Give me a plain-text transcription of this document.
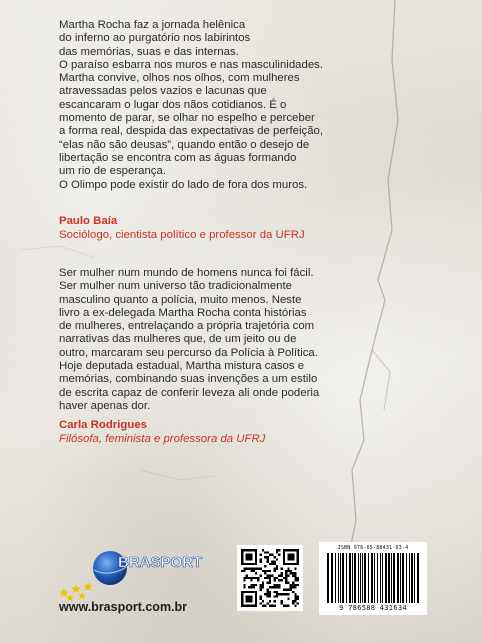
Martha Rocha faz a jornada helênica

do inferno ao purgatório nos labirintos

das memórias, suas e das internas.

O paraíso esbarra nos muros e nas masculinidades.

Martha convive, olhos nos olhos, com mulheres

atravessadas pelos vazios e lacunas que

escancaram o lugar dos nãos cotidianos. É o

momento de parar, se olhar no espelho e perceber

a forma real, despida das expectativas de perfeição,

“elas não são deusas”, quando então o desejo de

libertação se encontra com as águas formando

um rio de esperança.

O Olimpo pode existir do lado de fora dos muros.

Paulo Baía
Sociólogo, cientista político e professor da UFRJ

Ser mulher num mundo de homens nunca foi fácil.

Ser mulher num universo tão tradicionalmente

masculino quanto a polícia, muito menos. Neste

livro a ex-delegada Martha Rocha conta histórias

de mulheres, entrelaçando a própria trajetória com

narrativas das mulheres que, de um jeito ou de

outro, marcaram seu percurso da Polícia à Política.

Hoje deputada estadual, Martha mistura casos e

memórias, combinando suas invenções a um estilo

de escrita capaz de conferir leveza ali onde poderia

haver apenas dor.

Carla Rodrigues
Filósofa, feminista e professora da UFRJ
BRASPORT
www.brasport.com.br
ISBN 978-65-88431-63-4
9 786588 431634
